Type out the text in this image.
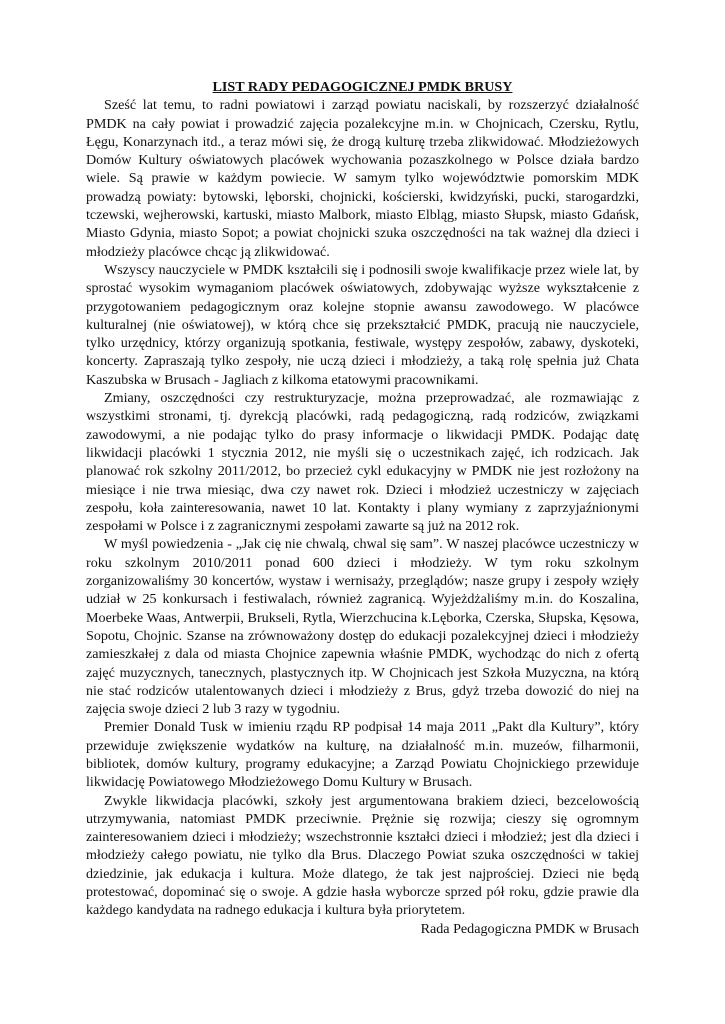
LIST RADY PEDAGOGICZNEJ PMDK BRUSY

Sześć lat temu, to radni powiatowi i zarząd powiatu naciskali, by rozszerzyć działalność PMDK na cały powiat i prowadzić zajęcia pozalekcyjne m.in. w Chojnicach, Czersku, Rytlu, Łęgu, Konarzynach itd., a teraz mówi się, że drogą kulturę trzeba zlikwidować. Młodzieżowych Domów Kultury oświatowych placówek wychowania pozaszkolnego w Polsce działa bardzo wiele. Są prawie w każdym powiecie. W samym tylko województwie pomorskim MDK prowadzą powiaty: bytowski, lęborski, chojnicki, kościerski, kwidzyński, pucki, starogardzki, tczewski, wejherowski, kartuski, miasto Malbork, miasto Elbląg, miasto Słupsk, miasto Gdańsk, Miasto Gdynia, miasto Sopot; a powiat chojnicki szuka oszczędności na tak ważnej dla dzieci i młodzieży placówce chcąc ją zlikwidować.

Wszyscy nauczyciele w PMDK kształcili się i podnosili swoje kwalifikacje przez wiele lat, by sprostać wysokim wymaganiom placówek oświatowych, zdobywając wyższe wykształcenie z przygotowaniem pedagogicznym oraz kolejne stopnie awansu zawodowego. W placówce kulturalnej (nie oświatowej), w którą chce się przekształcić PMDK, pracują nie nauczyciele, tylko urzędnicy, którzy organizują spotkania, festiwale, występy zespołów, zabawy, dyskoteki, koncerty. Zapraszają tylko zespoły, nie uczą dzieci i młodzieży, a taką rolę spełnia już Chata Kaszubska w Brusach - Jagliach z kilkoma etatowymi pracownikami.

Zmiany, oszczędności czy restrukturyzacje, można przeprowadzać, ale rozmawiając z wszystkimi stronami, tj. dyrekcją placówki, radą pedagogiczną, radą rodziców, związkami zawodowymi, a nie podając tylko do prasy informacje o likwidacji PMDK. Podając datę likwidacji placówki 1 stycznia 2012, nie myśli się o uczestnikach zajęć, ich rodzicach. Jak planować rok szkolny 2011/2012, bo przecież cykl edukacyjny w PMDK nie jest rozłożony na miesiące i nie trwa miesiąc, dwa czy nawet rok. Dzieci i młodzież uczestniczy w zajęciach zespołu, koła zainteresowania, nawet 10 lat. Kontakty i plany wymiany z zaprzyjaźnionymi zespołami w Polsce i z zagranicznymi zespołami zawarte są już na 2012 rok.

W myśl powiedzenia - „Jak cię nie chwalą, chwal się sam”. W naszej placówce uczestniczy w roku szkolnym 2010/2011 ponad 600 dzieci i młodzieży. W tym roku szkolnym zorganizowaliśmy 30 koncertów, wystaw i wernisaży, przeglądów; nasze grupy i zespoły wzięły udział w 25 konkursach i festiwalach, również zagranicą. Wyjeżdżaliśmy m.in. do Koszalina, Moerbeke Waas, Antwerpii, Brukseli, Rytla, Wierzchucina k.Lęborka, Czerska, Słupska, Kęsowa, Sopotu, Chojnic. Szanse na zrównoważony dostęp do edukacji pozalekcyjnej dzieci i młodzieży zamieszkałej z dala od miasta Chojnice zapewnia właśnie PMDK, wychodząc do nich z ofertą zajęć muzycznych, tanecznych, plastycznych itp. W Chojnicach jest Szkoła Muzyczna, na którą nie stać rodziców utalentowanych dzieci i młodzieży z Brus, gdyż trzeba dowozić do niej na zajęcia swoje dzieci 2 lub 3 razy w tygodniu.

Premier Donald Tusk w imieniu rządu RP podpisał 14 maja 2011 „Pakt dla Kultury”, który przewiduje zwiększenie wydatków na kulturę, na działalność m.in. muzeów, filharmonii, bibliotek, domów kultury, programy edukacyjne; a Zarząd Powiatu Chojnickiego przewiduje likwidację Powiatowego Młodzieżowego Domu Kultury w Brusach.

Zwykle likwidacja placówki, szkoły jest argumentowana brakiem dzieci, bezcelowością utrzymywania, natomiast PMDK przeciwnie. Prężnie się rozwija; cieszy się ogromnym zainteresowaniem dzieci i młodzieży; wszechstronnie kształci dzieci i młodzież; jest dla dzieci i młodzieży całego powiatu, nie tylko dla Brus. Dlaczego Powiat szuka oszczędności w takiej dziedzinie, jak edukacja i kultura. Może dlatego, że tak jest najprościej. Dzieci nie będą protestować, dopominać się o swoje. A gdzie hasła wyborcze sprzed pół roku, gdzie prawie dla każdego kandydata na radnego edukacja i kultura była priorytetem.

Rada Pedagogiczna PMDK w Brusach
